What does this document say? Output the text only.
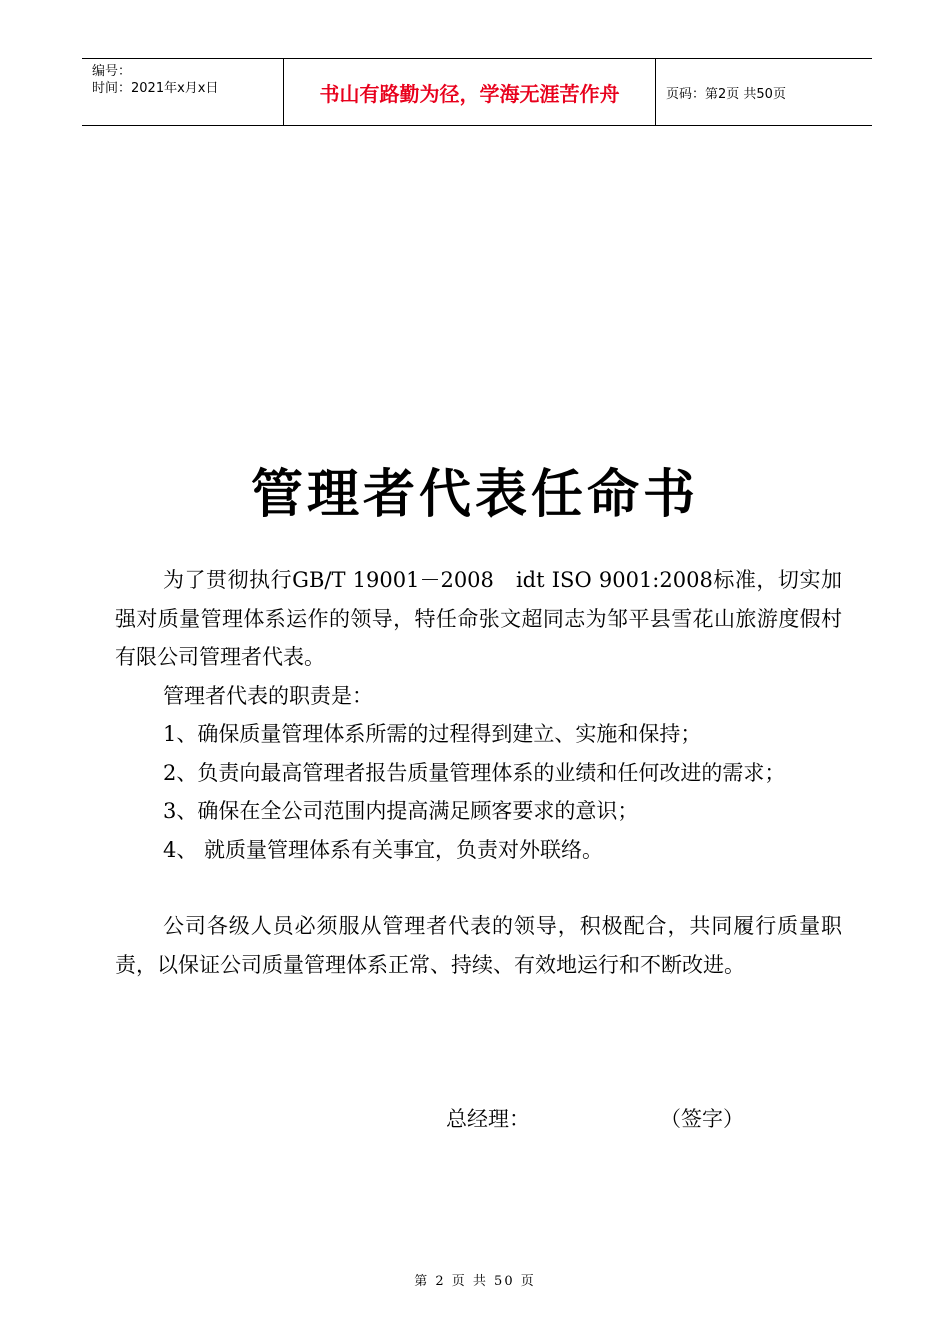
编号：
时间：2021年x月x日	书山有路勤为径，学海无涯苦作舟	页码：第2页 共50页
管理者代表任命书

为了贯彻执行GB/T 19001－2008　idt ISO 9001:2008标准，切实加强对质量管理体系运作的领导，特任命张文超同志为邹平县雪花山旅游度假村有限公司管理者代表。

管理者代表的职责是：

1、确保质量管理体系所需的过程得到建立、实施和保持；

2、负责向最高管理者报告质量管理体系的业绩和任何改进的需求；

3、确保在全公司范围内提高满足顾客要求的意识；

4、 就质量管理体系有关事宜，负责对外联络。

公司各级人员必须服从管理者代表的领导，积极配合，共同履行质量职责，以保证公司质量管理体系正常、持续、有效地运行和不断改进。

总经理：	（签字）
第 2 页 共 50 页
